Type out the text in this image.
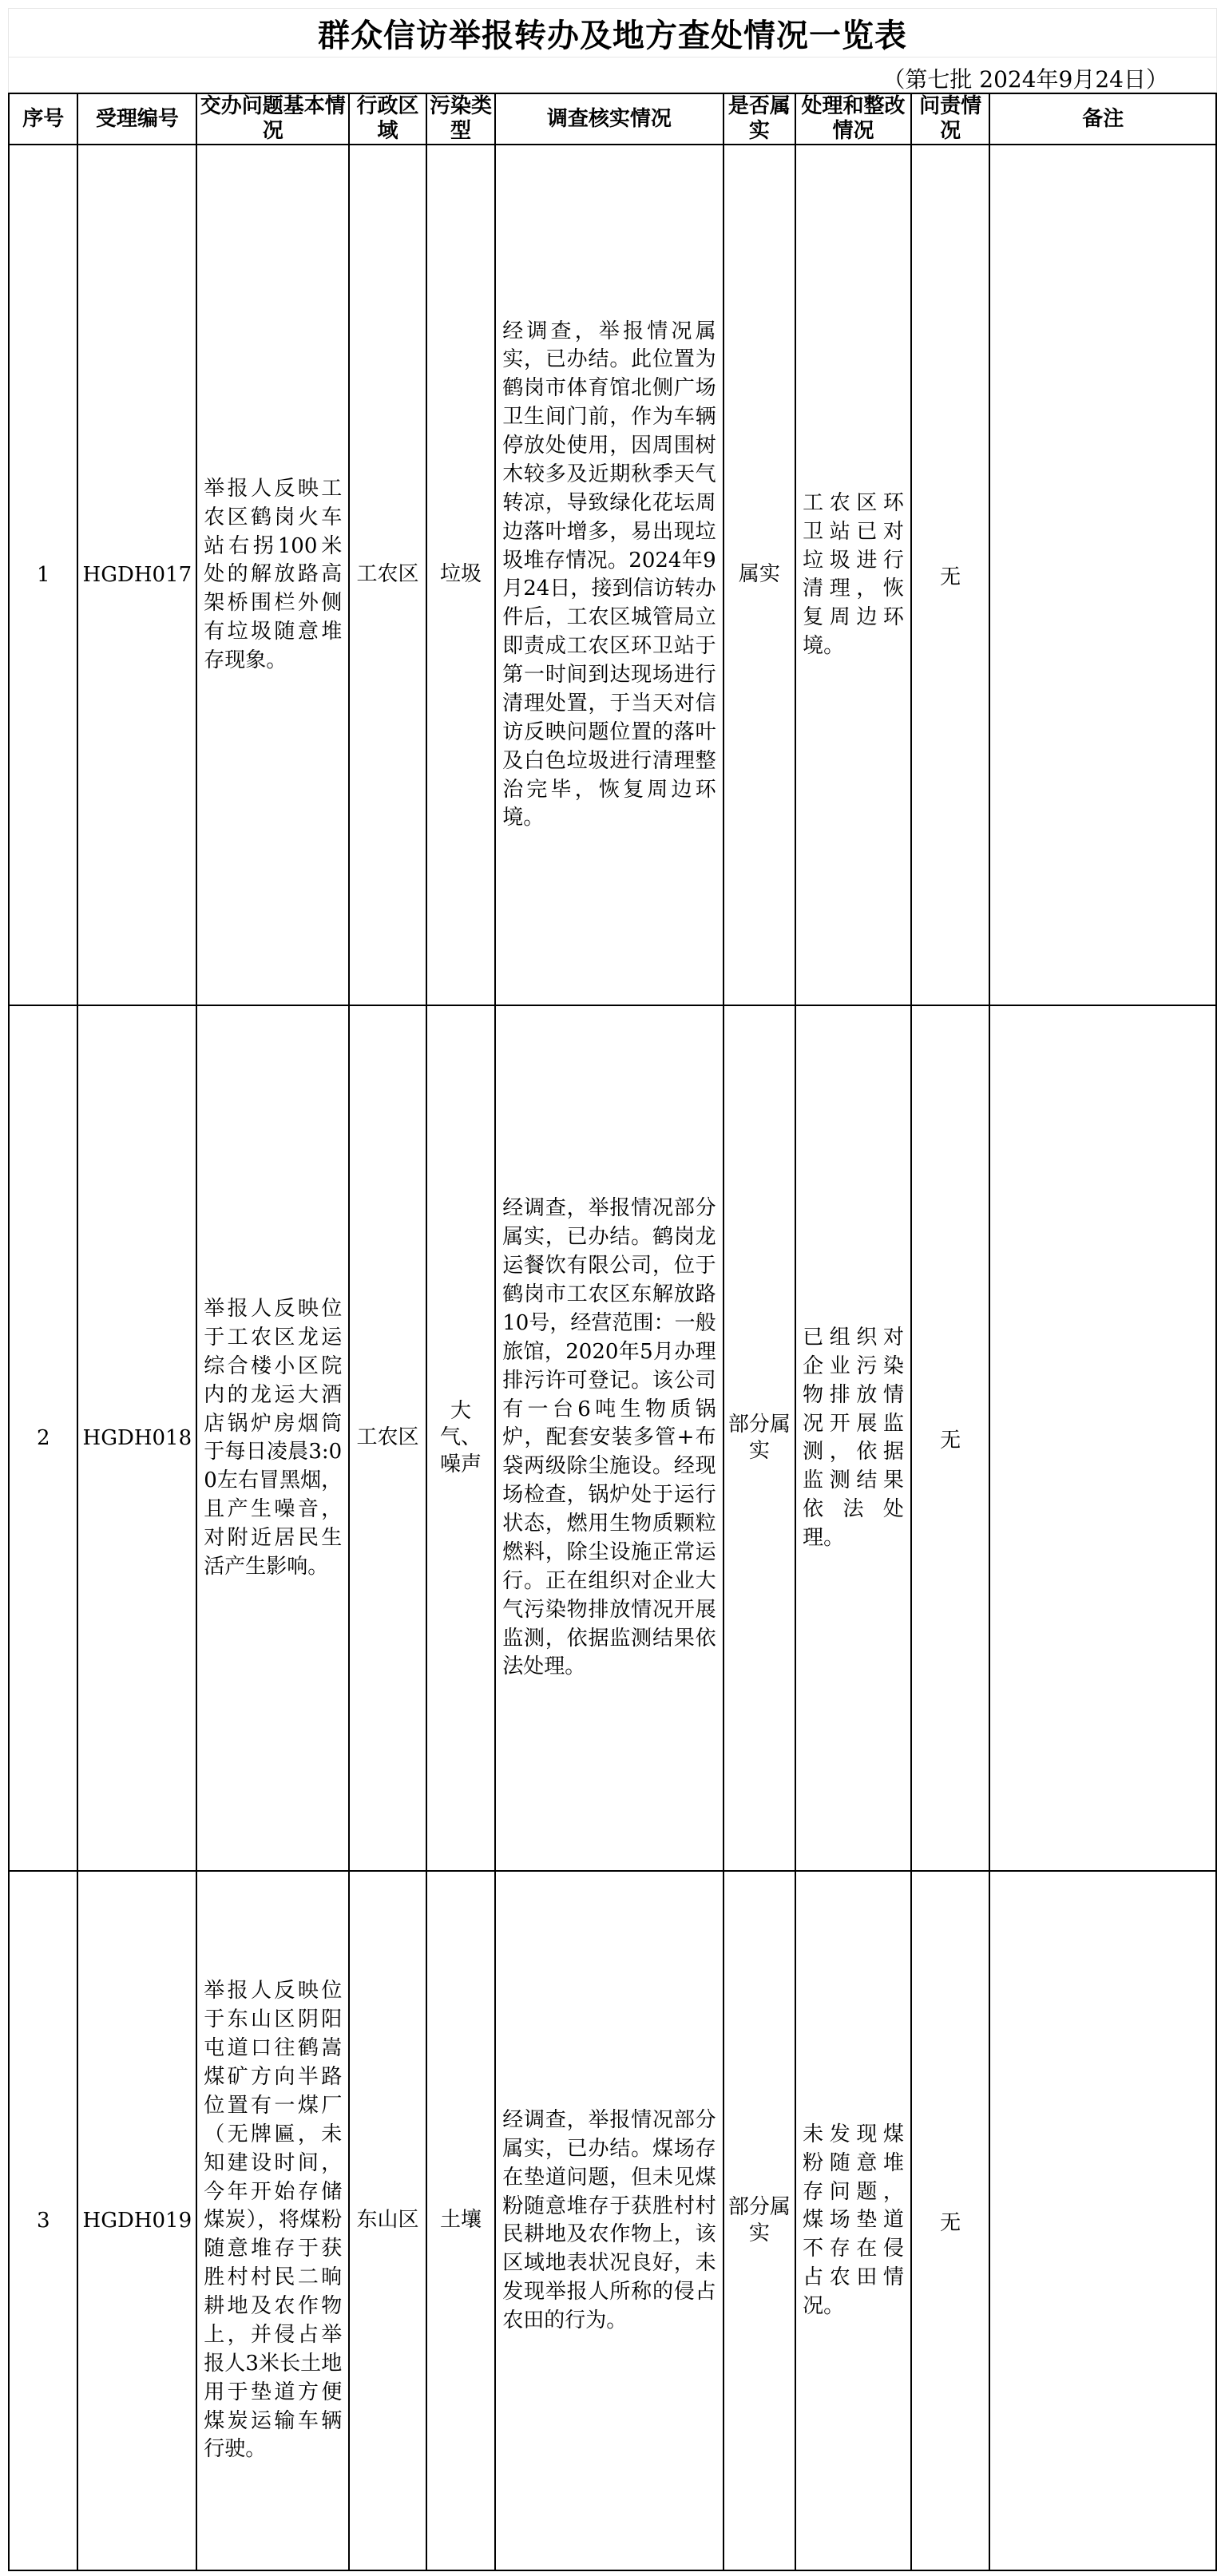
群众信访举报转办及地方查处情况一览表
（第七批 2024年9月24日）
序号	受理编号	交办问题基本情况	行政区域	污染类型	调查核实情况	是否属实	处理和整改情况	问责情况	备注
1	HGDH017	举报人反映工农区鹤岗火车站右拐100米处的解放路高架桥围栏外侧有垃圾随意堆存现象。	工农区	垃圾	经调查，举报情况属实，已办结。此位置为鹤岗市体育馆北侧广场卫生间门前，作为车辆停放处使用，因周围树木较多及近期秋季天气转凉，导致绿化花坛周边落叶增多，易出现垃圾堆存情况。2024年9月24日，接到信访转办件后，工农区城管局立即责成工农区环卫站于第一时间到达现场进行清理处置，于当天对信访反映问题位置的落叶及白色垃圾进行清理整治完毕，恢复周边环境。	属实	工农区环卫站已对垃圾进行清理，恢复周边环境。	无	
2	HGDH018	举报人反映位于工农区龙运综合楼小区院内的龙运大酒店锅炉房烟筒于每日凌晨3:00左右冒黑烟，且产生噪音，对附近居民生活产生影响。	工农区	大气、噪声	经调查，举报情况部分属实，已办结。鹤岗龙运餐饮有限公司，位于鹤岗市工农区东解放路10号，经营范围：一般旅馆，2020年5月办理排污许可登记。该公司有一台6吨生物质锅炉，配套安装多管+布袋两级除尘施设。经现场检查，锅炉处于运行状态，燃用生物质颗粒燃料，除尘设施正常运行。正在组织对企业大气污染物排放情况开展监测，依据监测结果依法处理。	部分属实	已组织对企业污染物排放情况开展监测，依据监测结果依法处理。	无	
3	HGDH019	举报人反映位于东山区阴阳屯道口往鹤嵩煤矿方向半路位置有一煤厂（无牌匾，未知建设时间，今年开始存储煤炭），将煤粉随意堆存于获胜村村民二晌耕地及农作物上，并侵占举报人3米长土地用于垫道方便煤炭运输车辆行驶。	东山区	土壤	经调查，举报情况部分属实，已办结。煤场存在垫道问题，但未见煤粉随意堆存于获胜村村民耕地及农作物上，该区域地表状况良好，未发现举报人所称的侵占农田的行为。	部分属实	未发现煤粉随意堆存问题，煤场垫道不存在侵占农田情况。	无	
